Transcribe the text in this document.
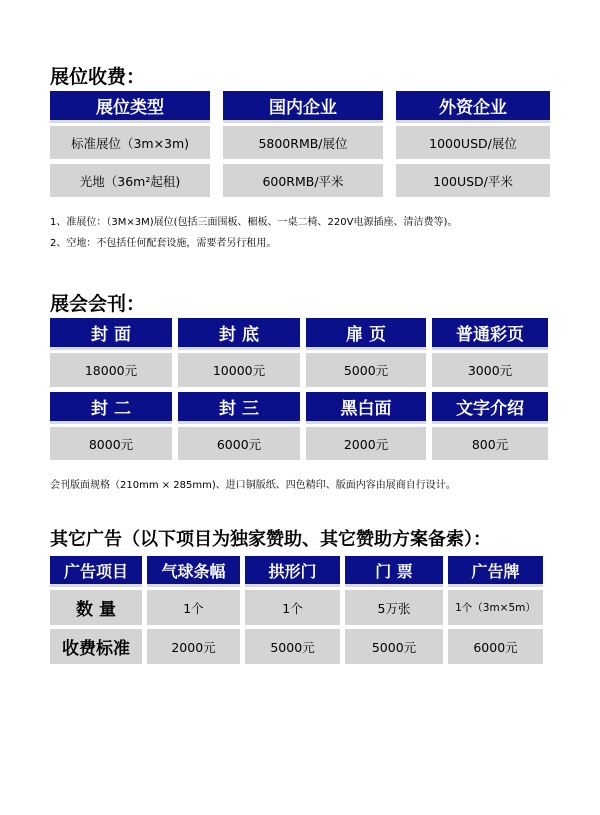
展位收费：
展位类型	国内企业	外资企业
标准展位（3m×3m)	5800RMB/展位	1000USD/展位
光地（36m²起租)	600RMB/平米	100USD/平米
1、准展位：（3M×3M)展位(包括三面围板、楣板、一桌二椅、220V电源插座、清洁费等)。
2、空地：不包括任何配套设施，需要者另行租用。
展会会刊：
封 面	封 底	扉 页	普通彩页
18000元	10000元	5000元	3000元
封 二	封 三	黑白面	文字介绍
8000元	6000元	2000元	800元
会刊版面规格（210mm × 285mm)、进口铜版纸、四色精印、版面内容由展商自行设计。
其它广告（以下项目为独家赞助、其它赞助方案备索）：
广告项目	气球条幅	拱形门	门 票	广告牌
数 量	1个	1个	5万张	1个（3m×5m）
收费标准	2000元	5000元	5000元	6000元
